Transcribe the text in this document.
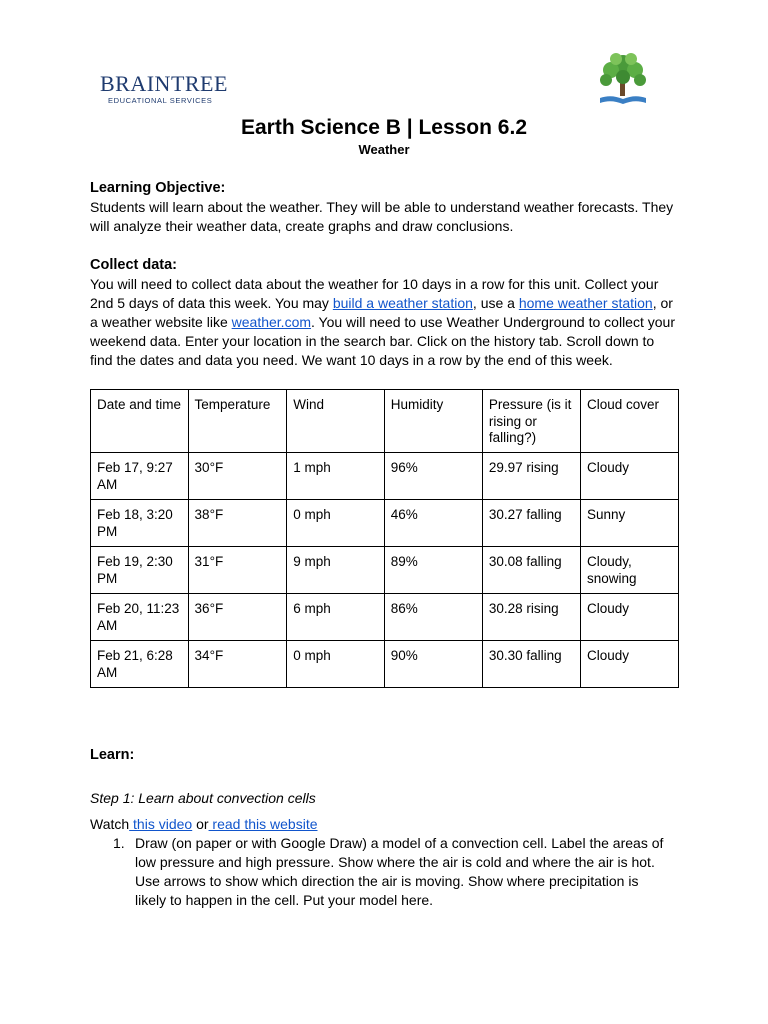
BRAINTREE
EDUCATIONAL SERVICES
Earth Science B | Lesson 6.2
Weather
Learning Objective:
Students will learn about the weather. They will be able to understand weather forecasts. They will analyze their weather data, create graphs and draw conclusions.
Collect data:
You will need to collect data about the weather for 10 days in a row for this unit. Collect your 2nd 5 days of data this week. You may build a weather station, use a home weather station, or a weather website like weather.com. You will need to use Weather Underground to collect your weekend data. Enter your location in the search bar. Click on the history tab. Scroll down to find the dates and data you need. We want 10 days in a row by the end of this week.
Date and time	Temperature	Wind	Humidity	Pressure (is it rising or falling?)	Cloud cover
Feb 17, 9:27 AM	30°F	1 mph	96%	29.97 rising	Cloudy
Feb 18, 3:20 PM	38°F	0 mph	46%	30.27 falling	Sunny
Feb 19, 2:30 PM	31°F	9 mph	89%	30.08 falling	Cloudy, snowing
Feb 20, 11:23 AM	36°F	6 mph	86%	30.28 rising	Cloudy
Feb 21, 6:28 AM	34°F	0 mph	90%	30.30 falling	Cloudy
Learn:
Step 1: Learn about convection cells
Watch this video or read this website
1. Draw (on paper or with Google Draw) a model of a convection cell. Label the areas of low pressure and high pressure. Show where the air is cold and where the air is hot. Use arrows to show which direction the air is moving. Show where precipitation is likely to happen in the cell. Put your model here.
